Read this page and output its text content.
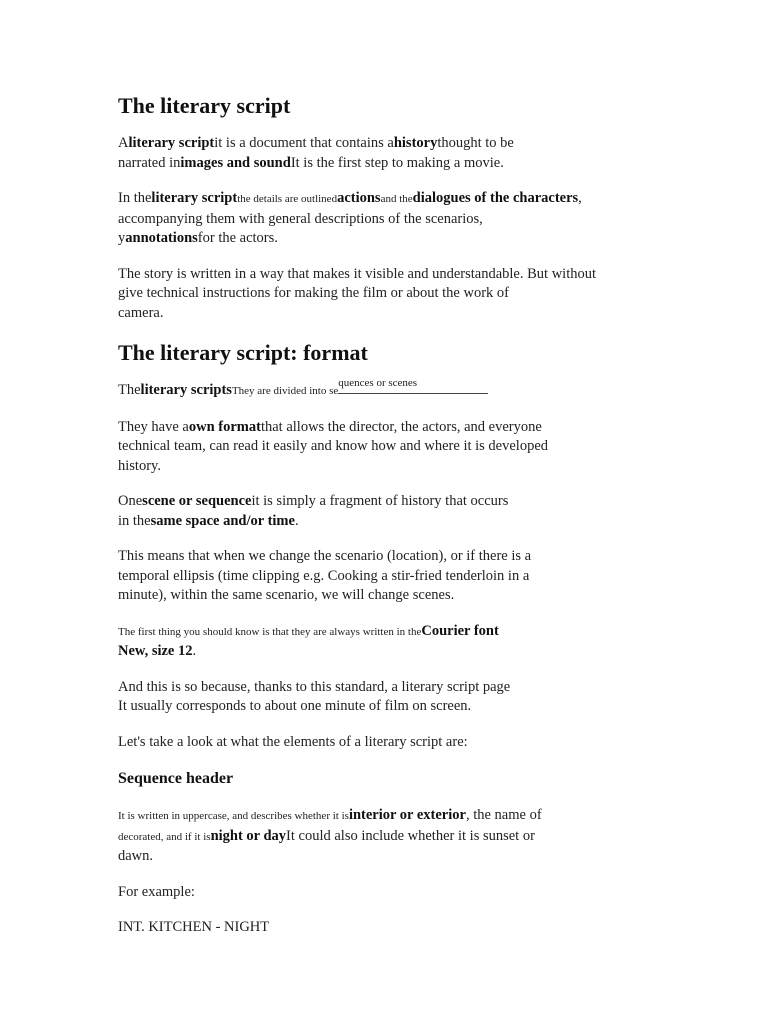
The literary script

Aliterary scriptit is a document that contains ahistorythought to be
narrated inimages and soundIt is the first step to making a movie.

In theliterary scriptthe details are outlinedactionsand thedialogues of the characters,
accompanying them with general descriptions of the scenarios,
yannotationsfor the actors.

The story is written in a way that makes it visible and understandable. But without
give technical instructions for making the film or about the work of
camera.

The literary script: format

Theliterary scriptsThey are divided into se
quences or scenes

They have aown formatthat allows the director, the actors, and everyone
technical team, can read it easily and know how and where it is developed
history.

Onescene or sequenceit is simply a fragment of history that occurs
in thesame space and/or time.

This means that when we change the scenario (location), or if there is a
temporal ellipsis (time clipping e.g. Cooking a stir-fried tenderloin in a
minute), within the same scenario, we will change scenes.

The first thing you should know is that they are always written in theCourier font
New, size 12.

And this is so because, thanks to this standard, a literary script page
It usually corresponds to about one minute of film on screen.

Let's take a look at what the elements of a literary script are:

Sequence header

It is written in uppercase, and describes whether it isinterior or exterior, the name of
decorated, and if it isnight or dayIt could also include whether it is sunset or
dawn.

For example:

INT. KITCHEN - NIGHT
